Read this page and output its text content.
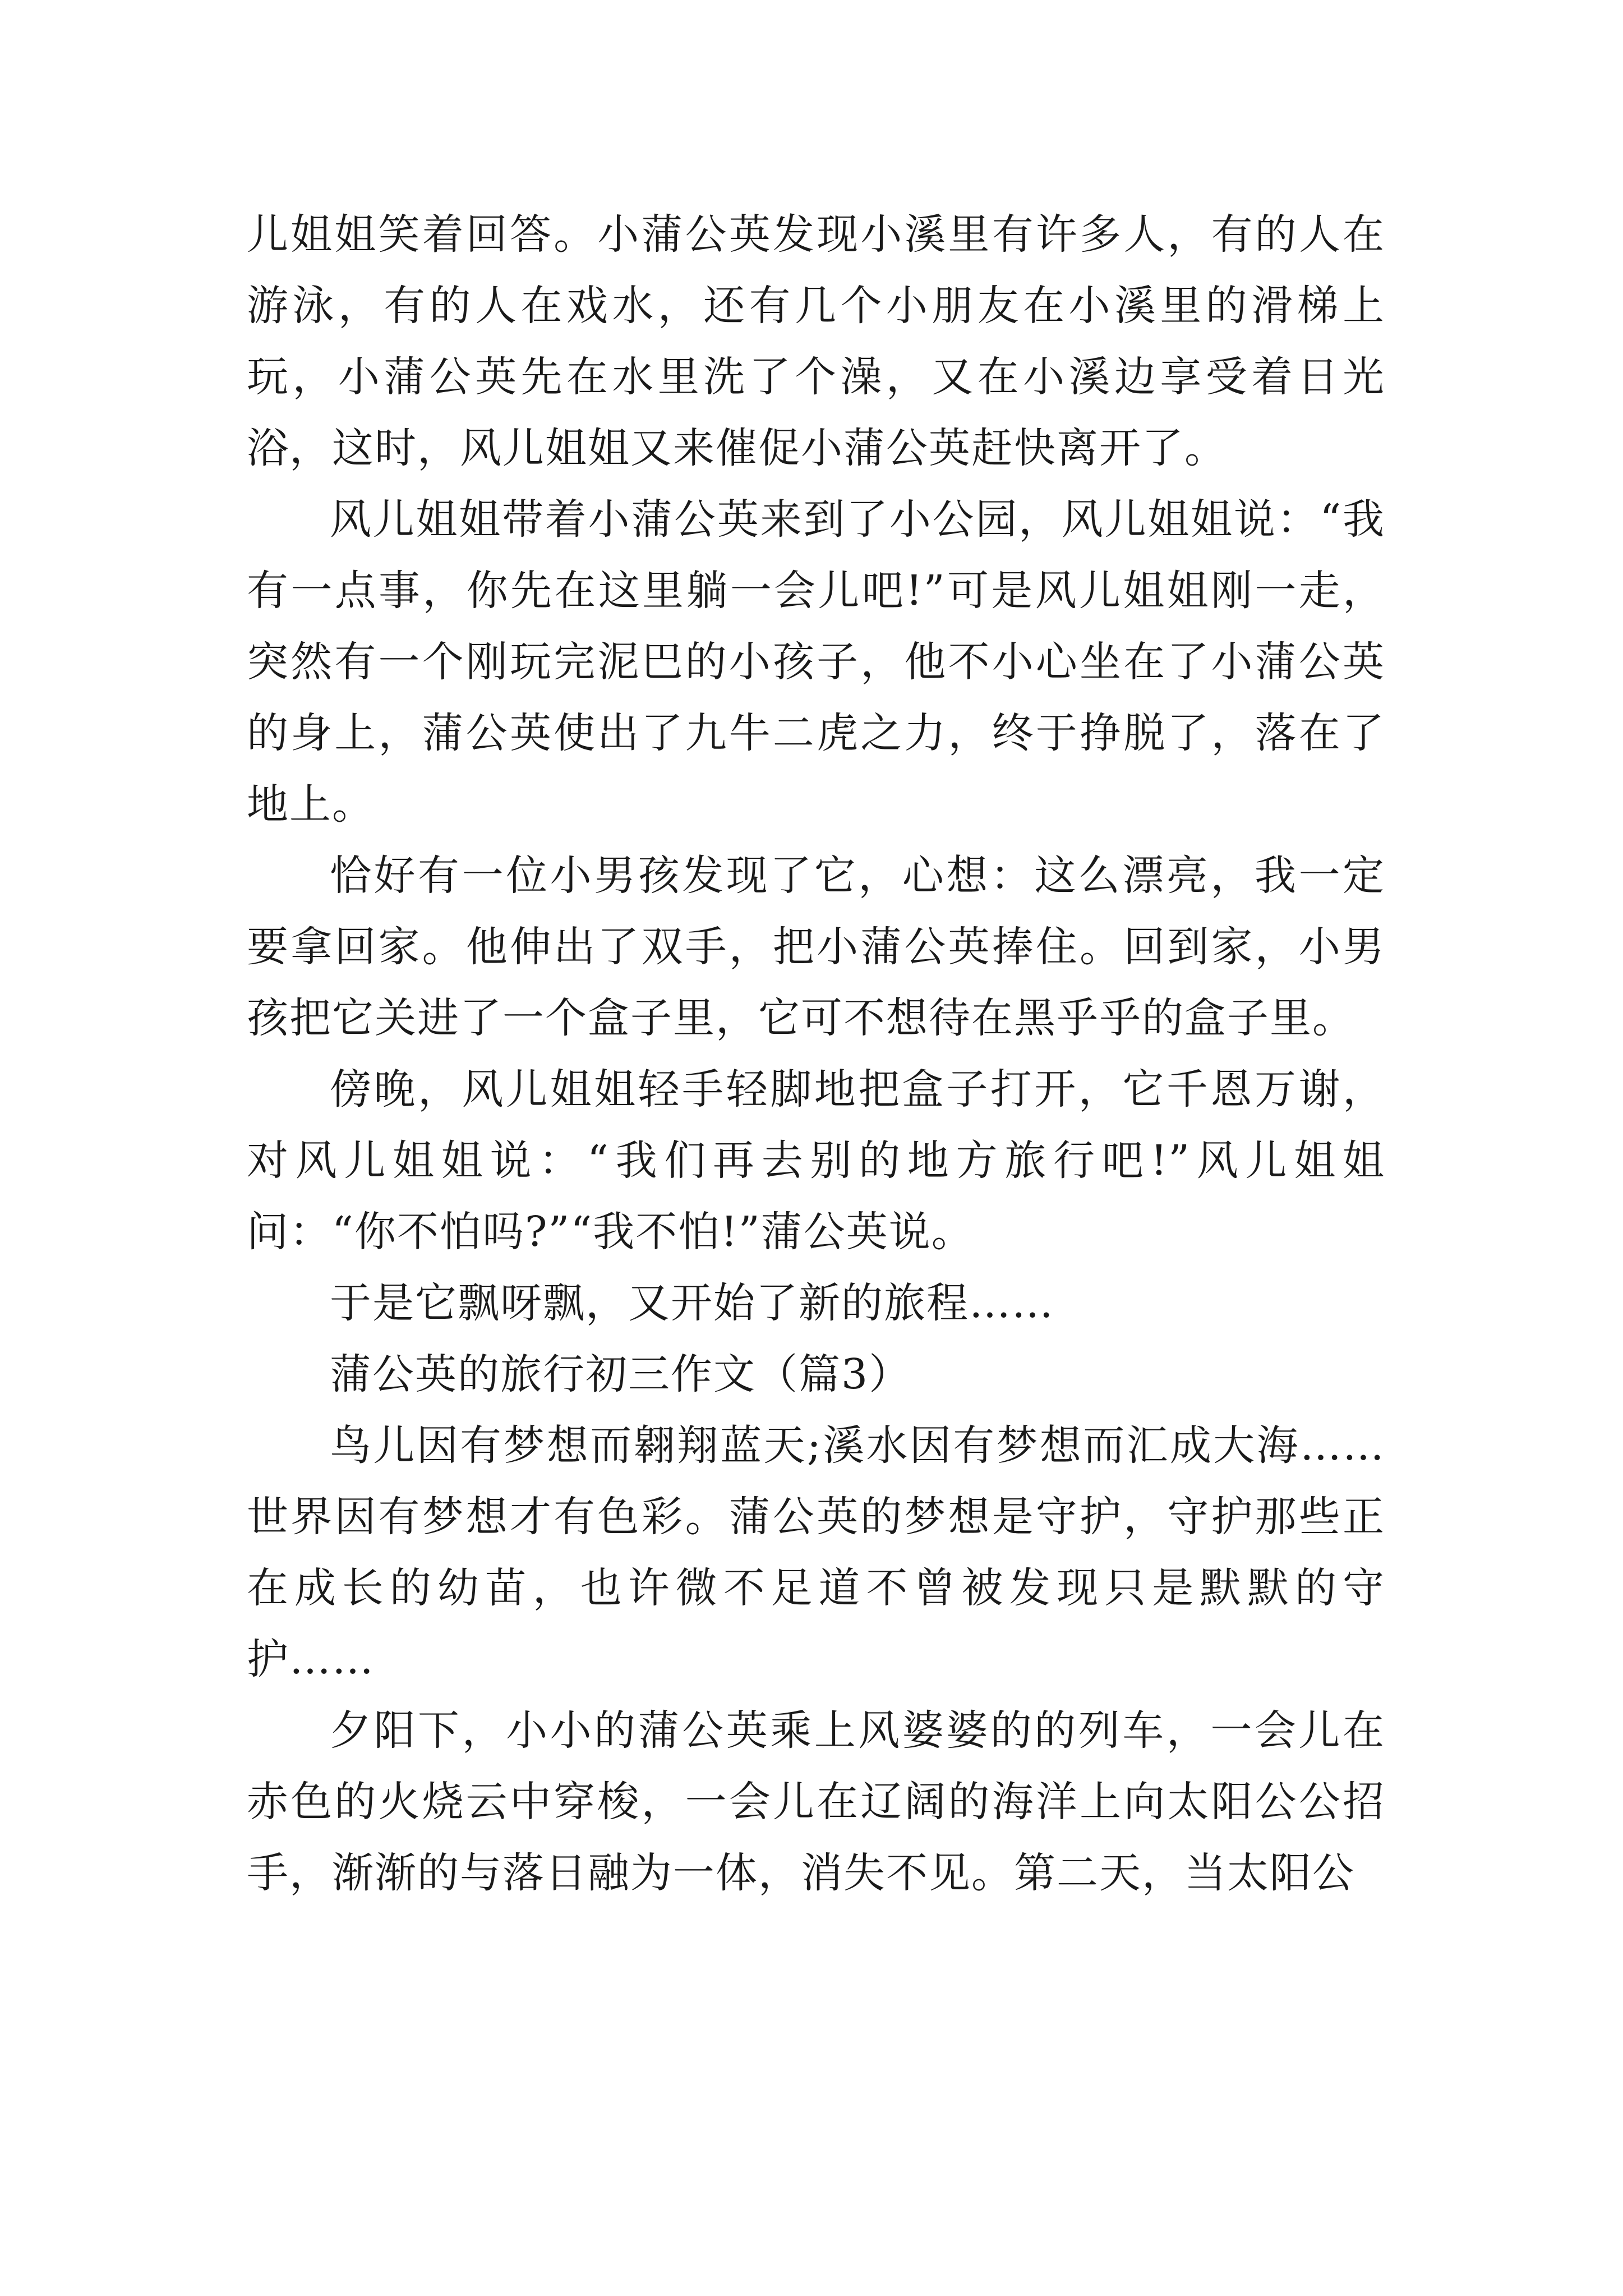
儿姐姐笑着回答。小蒲公英发现小溪里有许多人，有的人在游泳，有的人在戏水，还有几个小朋友在小溪里的滑梯上玩，小蒲公英先在水里洗了个澡，又在小溪边享受着日光浴，这时，风儿姐姐又来催促小蒲公英赶快离开了。

风儿姐姐带着小蒲公英来到了小公园，风儿姐姐说：“我有一点事，你先在这里躺一会儿吧!”可是风儿姐姐刚一走，突然有一个刚玩完泥巴的小孩子，他不小心坐在了小蒲公英的身上，蒲公英使出了九牛二虎之力，终于挣脱了，落在了地上。

恰好有一位小男孩发现了它，心想：这么漂亮，我一定要拿回家。他伸出了双手，把小蒲公英捧住。回到家，小男孩把它关进了一个盒子里，它可不想待在黑乎乎的盒子里。

傍晚，风儿姐姐轻手轻脚地把盒子打开，它千恩万谢，对风儿姐姐说：“我们再去别的地方旅行吧!”风儿姐姐问：“你不怕吗?”“我不怕!”蒲公英说。

于是它飘呀飘，又开始了新的旅程……

蒲公英的旅行初三作文（篇3）

鸟儿因有梦想而翱翔蓝天;溪水因有梦想而汇成大海……世界因有梦想才有色彩。蒲公英的梦想是守护，守护那些正在成长的幼苗，也许微不足道不曾被发现只是默默的守护……

夕阳下，小小的蒲公英乘上风婆婆的的列车，一会儿在赤色的火烧云中穿梭，一会儿在辽阔的海洋上向太阳公公招手，渐渐的与落日融为一体，消失不见。第二天，当太阳公
